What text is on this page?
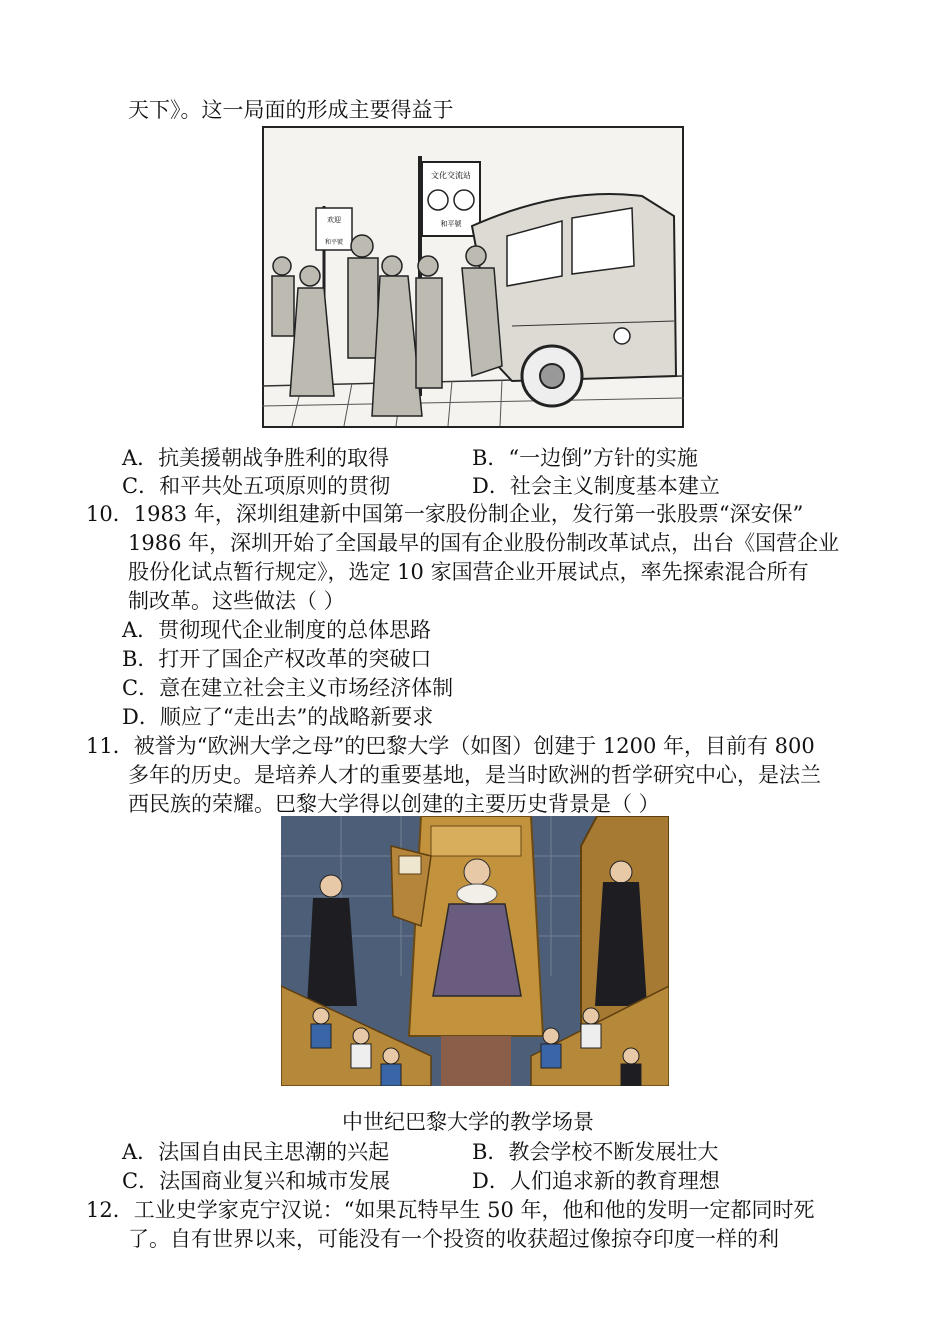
天下》。这一局面的形成主要得益于
文化交流站
和平號
欢迎
和平號
A．抗美援朝战争胜利的取得	B．“一边倒”方针的实施
C．和平共处五项原则的贯彻	D．社会主义制度基本建立
10．1983 年，深圳组建新中国第一家股份制企业，发行第一张股票“深安保”
1986 年，深圳开始了全国最早的国有企业股份制改革试点，出台《国营企业
股份化试点暂行规定》，选定 10 家国营企业开展试点，率先探索混合所有
制改革。这些做法（ ）
A．贯彻现代企业制度的总体思路
B．打开了国企产权改革的突破口
C．意在建立社会主义市场经济体制
D．顺应了“走出去”的战略新要求
11．被誉为“欧洲大学之母”的巴黎大学（如图）创建于 1200 年，目前有 800
多年的历史。是培养人才的重要基地，是当时欧洲的哲学研究中心，是法兰
西民族的荣耀。巴黎大学得以创建的主要历史背景是（ ）
中世纪巴黎大学的教学场景
A．法国自由民主思潮的兴起	B．教会学校不断发展壮大
C．法国商业复兴和城市发展	D．人们追求新的教育理想
12．工业史学家克宁汉说：“如果瓦特早生 50 年，他和他的发明一定都同时死
了。自有世界以来，可能没有一个投资的收获超过像掠夺印度一样的利
